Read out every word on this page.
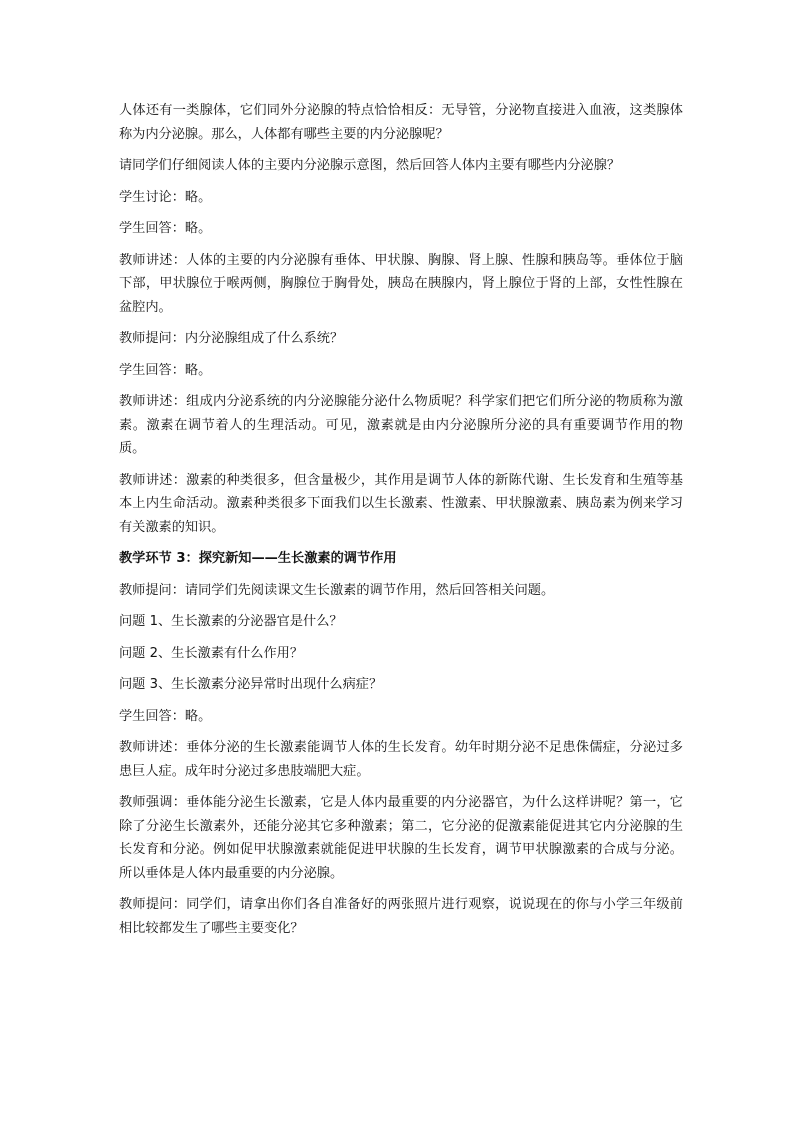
人体还有一类腺体，它们同外分泌腺的特点恰恰相反：无导管，分泌物直接进入血液，这类腺体称为内分泌腺。那么，人体都有哪些主要的内分泌腺呢？

请同学们仔细阅读人体的主要内分泌腺示意图，然后回答人体内主要有哪些内分泌腺？

学生讨论：略。

学生回答：略。

教师讲述：人体的主要的内分泌腺有垂体、甲状腺、胸腺、肾上腺、性腺和胰岛等。垂体位于脑下部，甲状腺位于喉两侧，胸腺位于胸骨处，胰岛在胰腺内，肾上腺位于肾的上部，女性性腺在盆腔内。

教师提问：内分泌腺组成了什么系统？

学生回答：略。

教师讲述：组成内分泌系统的内分泌腺能分泌什么物质呢？科学家们把它们所分泌的物质称为激素。激素在调节着人的生理活动。可见，激素就是由内分泌腺所分泌的具有重要调节作用的物质。

教师讲述：激素的种类很多，但含量极少，其作用是调节人体的新陈代谢、生长发育和生殖等基本上内生命活动。激素种类很多下面我们以生长激素、性激素、甲状腺激素、胰岛素为例来学习有关激素的知识。

教学环节 3：探究新知——生长激素的调节作用

教师提问：请同学们先阅读课文生长激素的调节作用，然后回答相关问题。

问题 1、生长激素的分泌器官是什么？

问题 2、生长激素有什么作用？

问题 3、生长激素分泌异常时出现什么病症？

学生回答：略。

教师讲述：垂体分泌的生长激素能调节人体的生长发育。幼年时期分泌不足患侏儒症，分泌过多患巨人症。成年时分泌过多患肢端肥大症。

教师强调：垂体能分泌生长激素，它是人体内最重要的内分泌器官，为什么这样讲呢？第一，它除了分泌生长激素外，还能分泌其它多种激素；第二，它分泌的促激素能促进其它内分泌腺的生长发育和分泌。例如促甲状腺激素就能促进甲状腺的生长发育，调节甲状腺激素的合成与分泌。所以垂体是人体内最重要的内分泌腺。

教师提问：同学们，请拿出你们各自准备好的两张照片进行观察，说说现在的你与小学三年级前相比较都发生了哪些主要变化？
